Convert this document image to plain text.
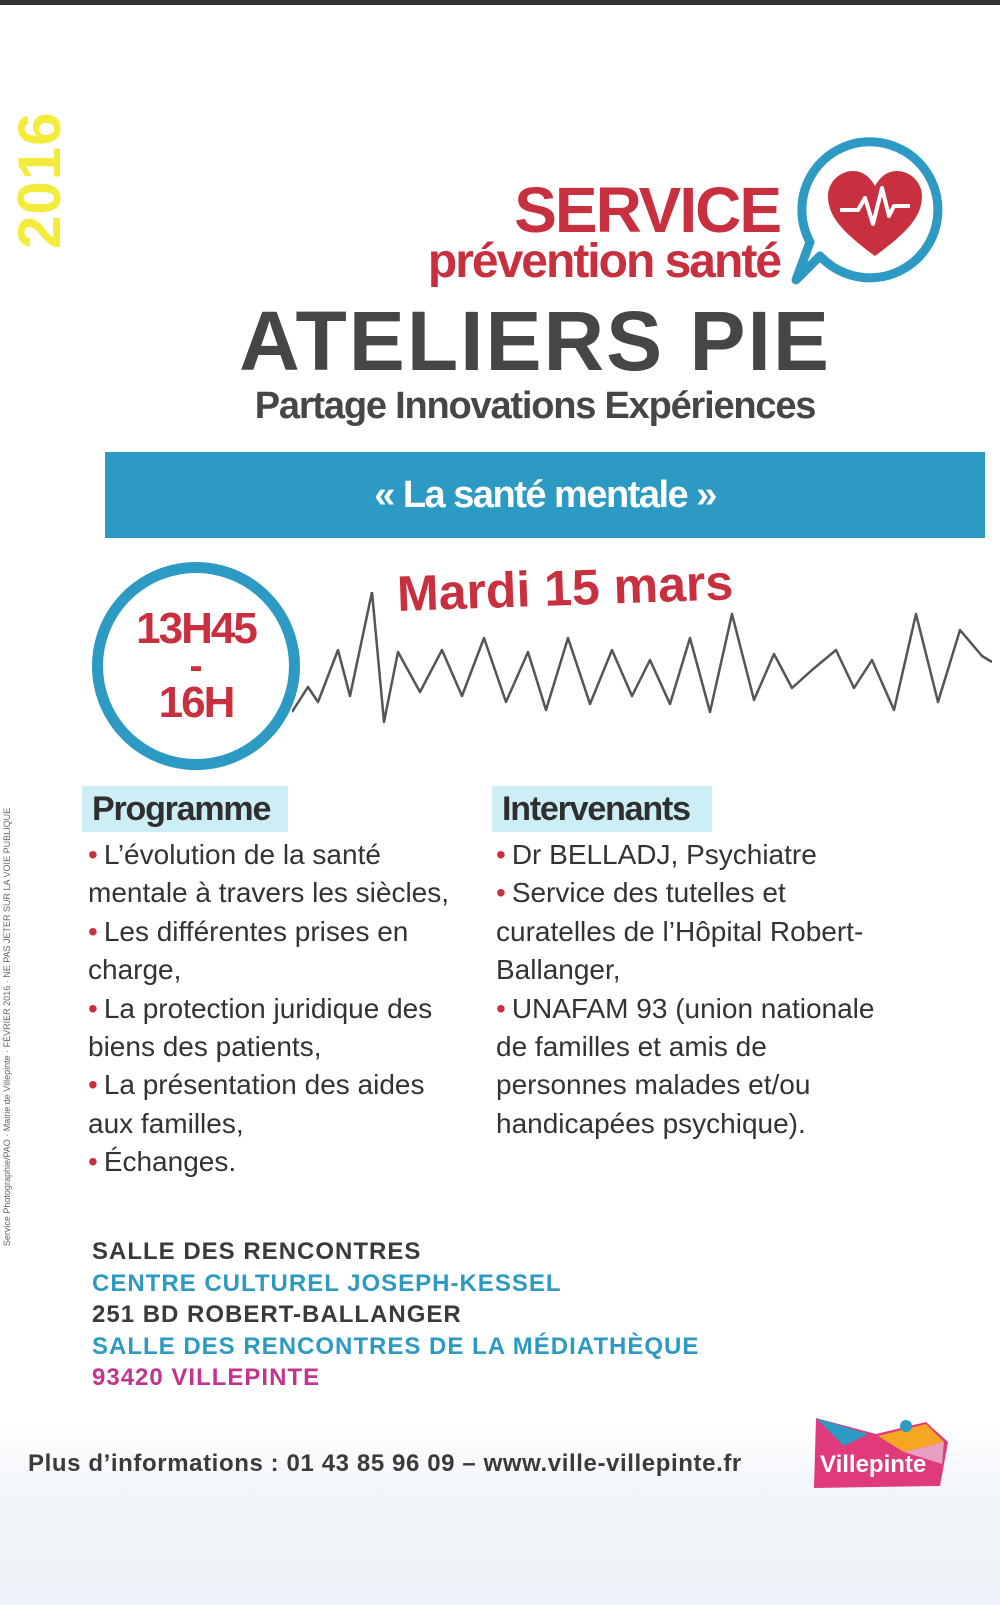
2016
Service Photographie/PAO · Mairie de Villepinte · FÉVRIER 2016 · NE PAS JETER SUR LA VOIE PUBLIQUE
SERVICE
prévention santé
ATELIERS PIE
Partage Innovations Expériences
« La santé mentale »
13H45
-
16H
Mardi 15 mars
Programme	Intervenants

• L’évolution de la santé mentale à travers les siècles,

• Les différentes prises en charge,

• La protection juridique des biens des patients,

• La présentation des aides aux familles,

• Échanges.

• Dr BELLADJ, Psychiatre

• Service des tutelles et curatelles de l’Hôpital Robert-Ballanger,

• UNAFAM 93 (union nationale de familles et amis de personnes malades et/ou handicapées psychique).

SALLE DES RENCONTRES
CENTRE CULTUREL JOSEPH-KESSEL
251 BD ROBERT-BALLANGER
SALLE DES RENCONTRES DE LA MÉDIATHÈQUE
93420 VILLEPINTE
Plus d’informations : 01 43 85 96 09 – www.ville-villepinte.fr	Villepinte
